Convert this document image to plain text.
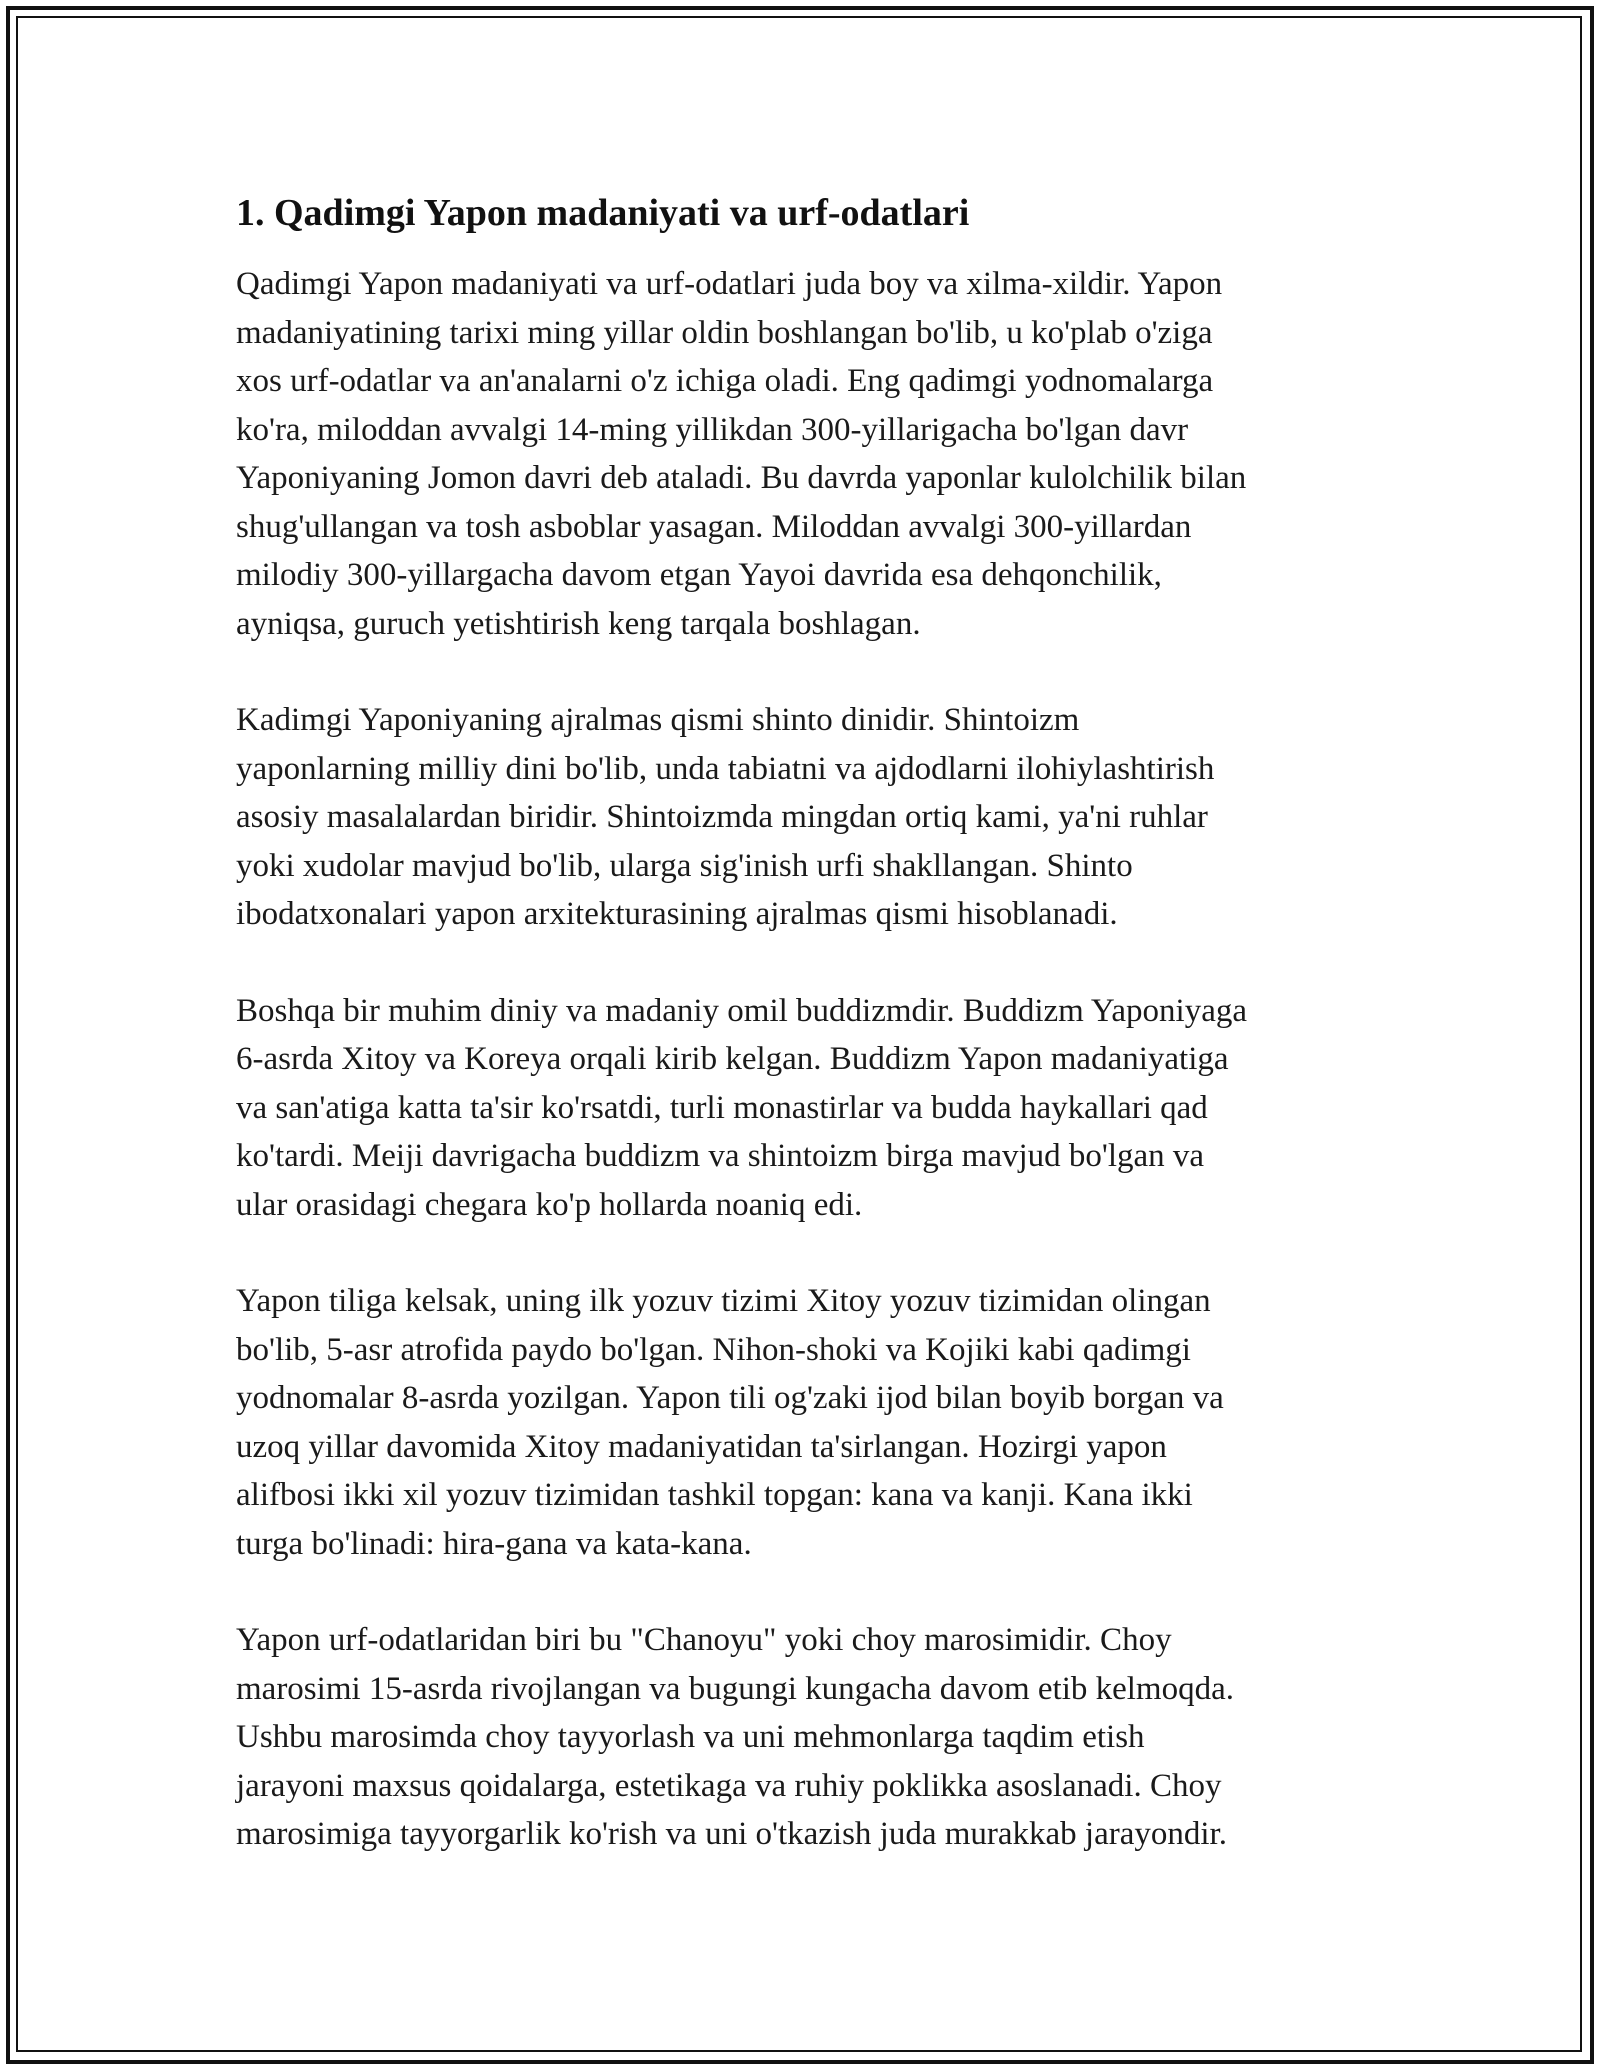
1. Qadimgi Yapon madaniyati va urf-odatlari
Qadimgi Yapon madaniyati va urf-odatlari juda boy va xilma-xildir. Yapon
madaniyatining tarixi ming yillar oldin boshlangan bo'lib, u ko'plab o'ziga
xos urf-odatlar va an'analarni o'z ichiga oladi. Eng qadimgi yodnomalarga
ko'ra, miloddan avvalgi 14-ming yillikdan 300-yillarigacha bo'lgan davr
Yaponiyaning Jomon davri deb ataladi. Bu davrda yaponlar kulolchilik bilan
shug'ullangan va tosh asboblar yasagan. Miloddan avvalgi 300-yillardan
milodiy 300-yillargacha davom etgan Yayoi davrida esa dehqonchilik,
ayniqsa, guruch yetishtirish keng tarqala boshlagan.
Kadimgi Yaponiyaning ajralmas qismi shinto dinidir. Shintoizm
yaponlarning milliy dini bo'lib, unda tabiatni va ajdodlarni ilohiylashtirish
asosiy masalalardan biridir. Shintoizmda mingdan ortiq kami, ya'ni ruhlar
yoki xudolar mavjud bo'lib, ularga sig'inish urfi shakllangan. Shinto
ibodatxonalari yapon arxitekturasining ajralmas qismi hisoblanadi.
Boshqa bir muhim diniy va madaniy omil buddizmdir. Buddizm Yaponiyaga
6-asrda Xitoy va Koreya orqali kirib kelgan. Buddizm Yapon madaniyatiga
va san'atiga katta ta'sir ko'rsatdi, turli monastirlar va budda haykallari qad
ko'tardi. Meiji davrigacha buddizm va shintoizm birga mavjud bo'lgan va
ular orasidagi chegara ko'p hollarda noaniq edi.
Yapon tiliga kelsak, uning ilk yozuv tizimi Xitoy yozuv tizimidan olingan
bo'lib, 5-asr atrofida paydo bo'lgan. Nihon-shoki va Kojiki kabi qadimgi
yodnomalar 8-asrda yozilgan. Yapon tili og'zaki ijod bilan boyib borgan va
uzoq yillar davomida Xitoy madaniyatidan ta'sirlangan. Hozirgi yapon
alifbosi ikki xil yozuv tizimidan tashkil topgan: kana va kanji. Kana ikki
turga bo'linadi: hira-gana va kata-kana.
Yapon urf-odatlaridan biri bu "Chanoyu" yoki choy marosimidir. Choy
marosimi 15-asrda rivojlangan va bugungi kungacha davom etib kelmoqda.
Ushbu marosimda choy tayyorlash va uni mehmonlarga taqdim etish
jarayoni maxsus qoidalarga, estetikaga va ruhiy poklikka asoslanadi. Choy
marosimiga tayyorgarlik ko'rish va uni o'tkazish juda murakkab jarayondir.
